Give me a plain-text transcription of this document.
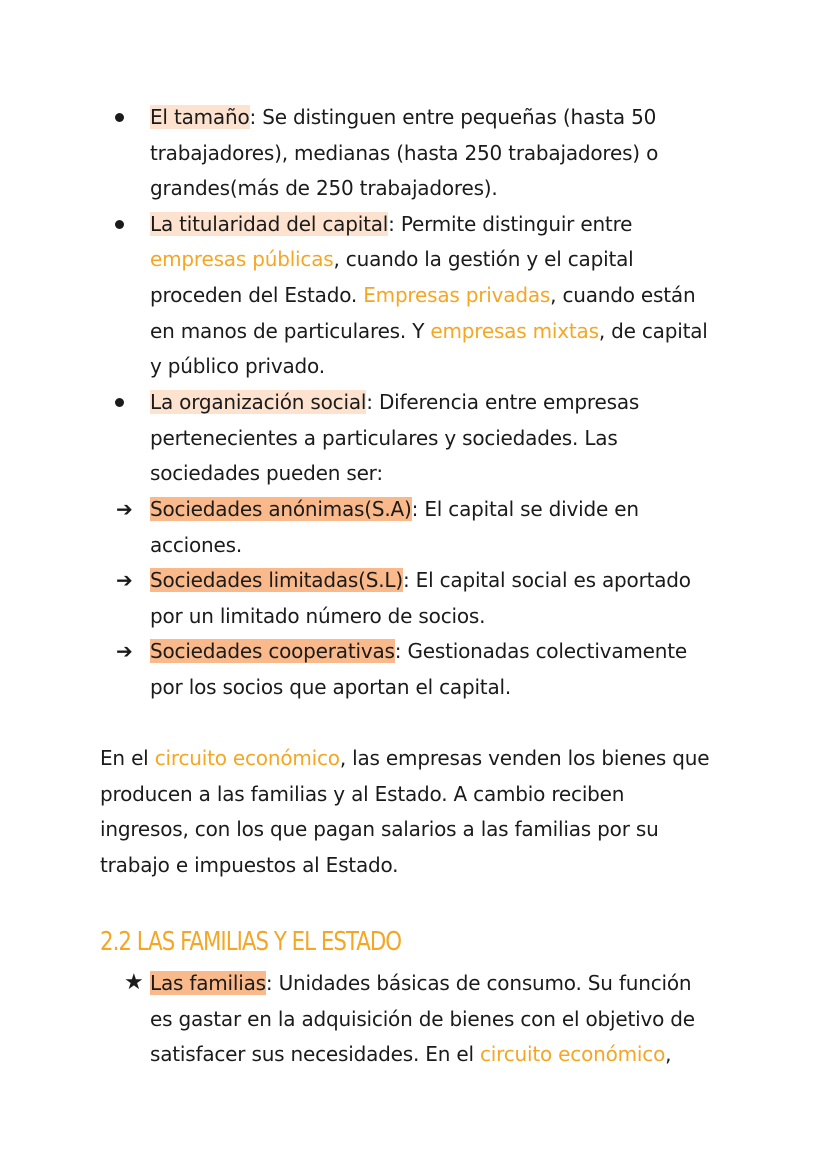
El tamaño: Se distinguen entre pequeñas (hasta 50
trabajadores), medianas (hasta 250 trabajadores) o
grandes(más de 250 trabajadores).
La titularidad del capital: Permite distinguir entre
empresas públicas, cuando la gestión y el capital
proceden del Estado. Empresas privadas, cuando están
en manos de particulares. Y empresas mixtas, de capital
y público privado.
La organización social: Diferencia entre empresas
pertenecientes a particulares y sociedades. Las
sociedades pueden ser:
➔ Sociedades anónimas(S.A): El capital se divide en
acciones.
➔ Sociedades limitadas(S.L): El capital social es aportado
por un limitado número de socios.
➔ Sociedades cooperativas: Gestionadas colectivamente
por los socios que aportan el capital.
En el circuito económico, las empresas venden los bienes que
producen a las familias y al Estado. A cambio reciben
ingresos, con los que pagan salarios a las familias por su
trabajo e impuestos al Estado.
2.2 LAS FAMILIAS Y EL ESTADO
★ Las familias: Unidades básicas de consumo. Su función
es gastar en la adquisición de bienes con el objetivo de
satisfacer sus necesidades. En el circuito económico,
